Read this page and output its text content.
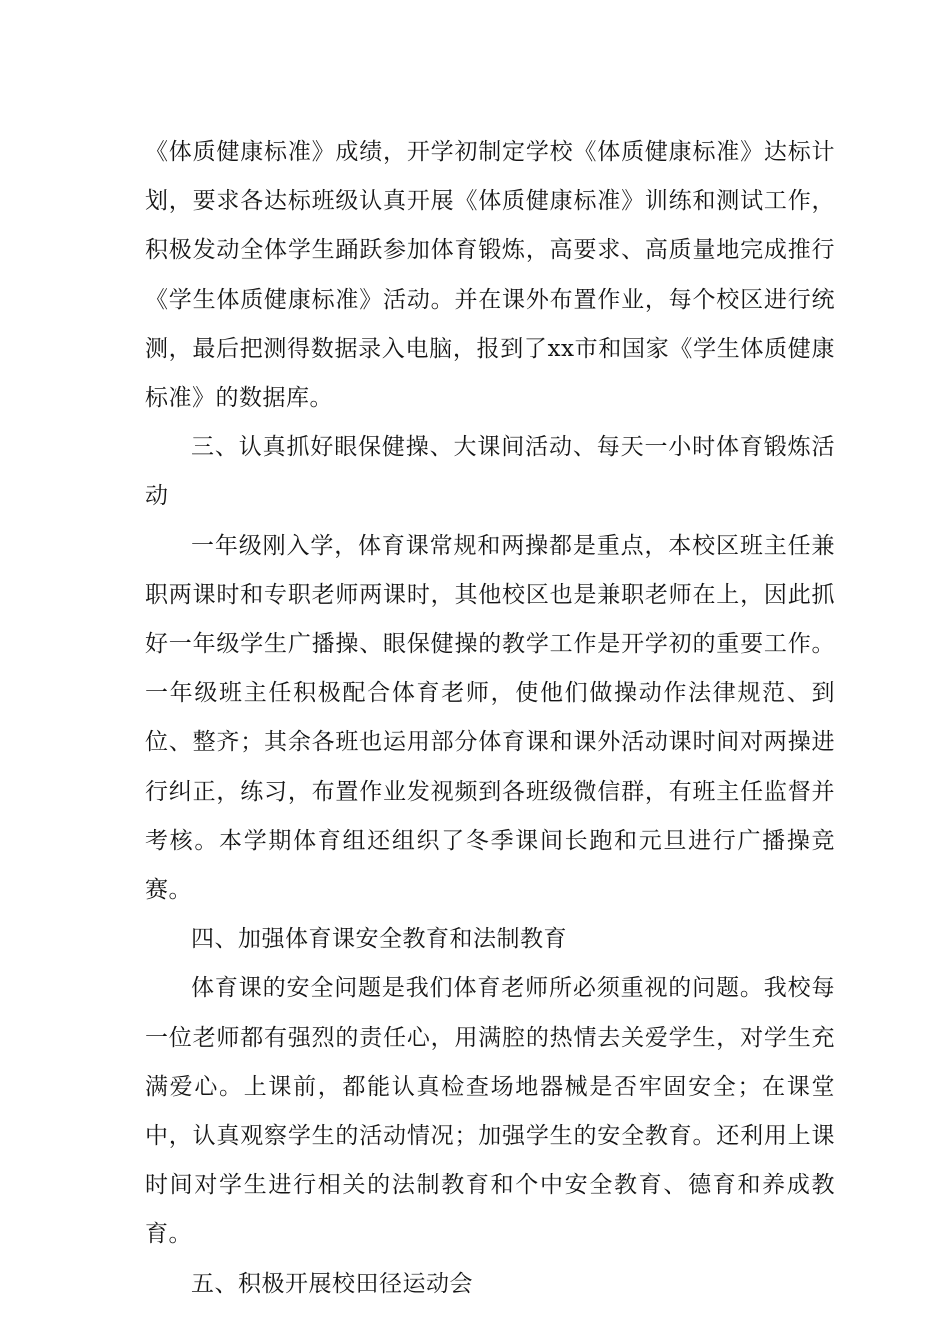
《体质健康标准》成绩，开学初制定学校《体质健康标准》达标计划，要求各达标班级认真开展《体质健康标准》训练和测试工作，积极发动全体学生踊跃参加体育锻炼，高要求、高质量地完成推行《学生体质健康标准》活动。并在课外布置作业，每个校区进行统测，最后把测得数据录入电脑，报到了xx市和国家《学生体质健康标准》的数据库。

三、认真抓好眼保健操、大课间活动、每天一小时体育锻炼活动

一年级刚入学，体育课常规和两操都是重点，本校区班主任兼职两课时和专职老师两课时，其他校区也是兼职老师在上，因此抓好一年级学生广播操、眼保健操的教学工作是开学初的重要工作。一年级班主任积极配合体育老师，使他们做操动作法律规范、到位、整齐；其余各班也运用部分体育课和课外活动课时间对两操进行纠正，练习，布置作业发视频到各班级微信群，有班主任监督并考核。本学期体育组还组织了冬季课间长跑和元旦进行广播操竞赛。

四、加强体育课安全教育和法制教育

体育课的安全问题是我们体育老师所必须重视的问题。我校每一位老师都有强烈的责任心，用满腔的热情去关爱学生，对学生充满爱心。上课前，都能认真检查场地器械是否牢固安全；在课堂中，认真观察学生的活动情况；加强学生的安全教育。还利用上课时间对学生进行相关的法制教育和个中安全教育、德育和养成教育。

五、积极开展校田径运动会
